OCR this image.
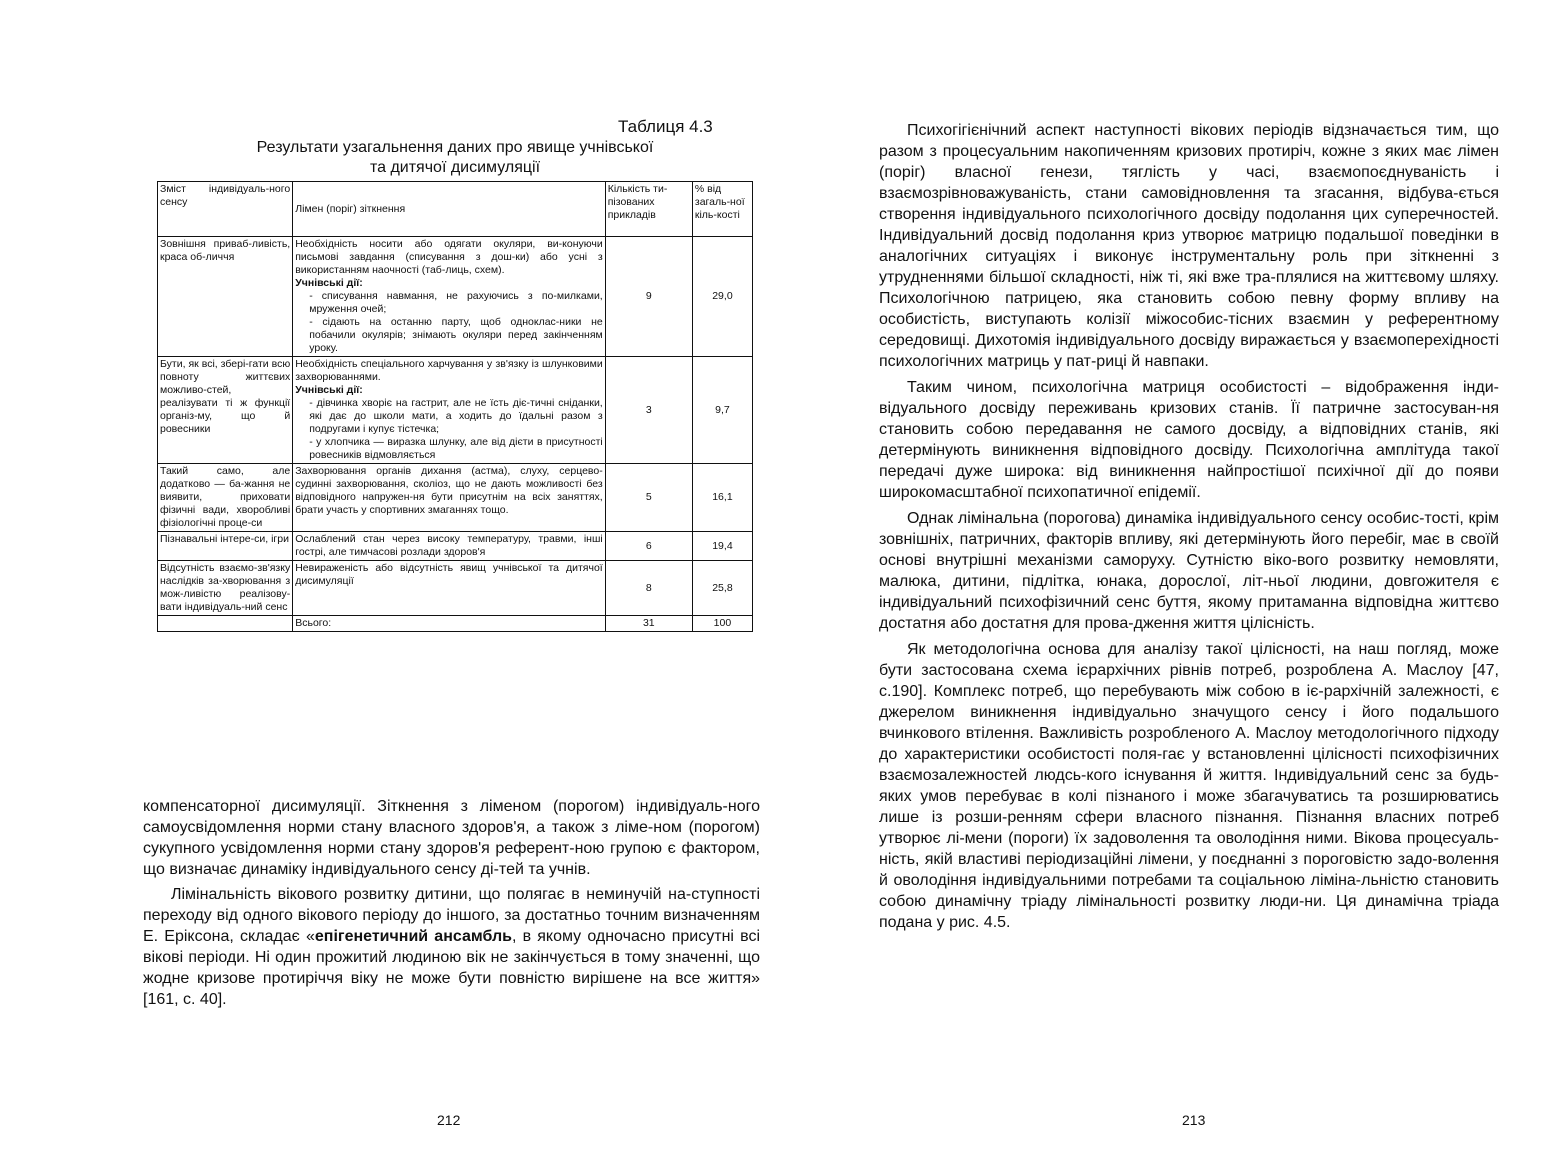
Таблиця 4.3
Результати узагальнення даних про явище учнівської
та дитячої дисимуляції
Зміст індивідуаль-ного сенсу	Лімен (поріг) зіткнення	Кількість ти-пізованих прикладів	% від загаль-ної кіль-кості
Зовнішня приваб-ливість, краса об-личчя	Необхідність носити або одягати окуляри, ви-конуючи письмові завдання (списування з дош-ки) або усні з використанням наочності (таб-лиць, схем).
Учнівські дії:
- списування навмання, не рахуючись з по-милками, мруження очей;
- сідають на останню парту, щоб одноклас-ники не побачили окулярів; знімають окуляри перед закінченням уроку.	9	29,0
Бути, як всі, збері-гати всю повноту життєвих можливо-стей, реалізувати ті ж функції організ-му, що й ровесники	Необхідність спеціального харчування у зв'язку із шлунковими захворюваннями.
Учнівські дії:
- дівчинка хворіє на гастрит, але не їсть діє-тичні сніданки, які дає до школи мати, а ходить до їдальні разом з подругами і купує тістечка;
- у хлопчика — виразка шлунку, але від дієти в присутності ровесників відмовляється	3	9,7
Такий само, але додатково — ба-жання не виявити, приховати фізичні вади, хворобливі фізіологічні проце-си	Захворювання органів дихання (астма), слуху, серцево-судинні захворювання, сколіоз, що не дають можливості без відповідного напружен-ня бути присутнім на всіх заняттях, брати участь у спортивних змаганнях тощо.	5	16,1
Пізнавальні інтере-си, ігри	Ослаблений стан через високу температуру, травми, інші гострі, але тимчасові розлади здоров'я	6	19,4
Відсутність взаємо-зв'язку наслідків за-хворювання з мож-ливістю реалізову-вати індивідуаль-ний сенс	Невираженість або відсутність явищ учнівської та дитячої дисимуляції	8	25,8
	Всього:	31	100

компенсаторної дисимуляції. Зіткнення з ліменом (порогом) індивідуаль-ного самоусвідомлення норми стану власного здоров'я, а також з ліме-ном (порогом) сукупного усвідомлення норми стану здоров'я референт-ною групою є фактором, що визначає динаміку індивідуального сенсу ді-тей та учнів.

Лімінальність вікового розвитку дитини, що полягає в неминучій на-ступності переходу від одного вікового періоду до іншого, за достатньо точним визначенням Е. Еріксона, складає «епігенетичний ансамбль, в якому одночасно присутні всі вікові періоди. Ні один прожитий людиною вік не закінчується в тому значенні, що жодне кризове протиріччя віку не може бути повністю вирішене на все життя» [161, с. 40].

212

Психогігієнічний аспект наступності вікових періодів відзначається тим, що разом з процесуальним накопиченням кризових протиріч, кожне з яких має лімен (поріг) власної генези, тяглість у часі, взаємопоєднуваність і взаємозрівноважуваність, стани самовідновлення та згасання, відбува-ється створення індивідуального психологічного досвіду подолання цих суперечностей. Індивідуальний досвід подолання криз утворює матрицю подальшої поведінки в аналогічних ситуаціях і виконує інструментальну роль при зіткненні з утрудненнями більшої складності, ніж ті, які вже тра-плялися на життєвому шляху. Психологічною патрицею, яка становить собою певну форму впливу на особистість, виступають колізії міжособис-тісних взаємин у референтному середовищі. Дихотомія індивідуального досвіду виражається у взаємоперехідності психологічних матриць у пат-риці й навпаки.

Таким чином, психологічна матриця особистості – відображення інди-відуального досвіду переживань кризових станів. Її патричне застосуван-ня становить собою передавання не самого досвіду, а відповідних станів, які детермінують виникнення відповідного досвіду. Психологічна амплітуда такої передачі дуже широка: від виникнення найпростішої психічної дії до появи широкомасштабної психопатичної епідемії.

Однак лімінальна (порогова) динаміка індивідуального сенсу особис-тості, крім зовнішніх, патричних, факторів впливу, які детермінують його перебіг, має в своїй основі внутрішні механізми саморуху. Сутністю віко-вого розвитку немовляти, малюка, дитини, підлітка, юнака, дорослої, літ-ньої людини, довгожителя є індивідуальний психофізичний сенс буття, якому притаманна відповідна життєво достатня або достатня для прова-дження життя цілісність.

Як методологічна основа для аналізу такої цілісності, на наш погляд, може бути застосована схема ієрархічних рівнів потреб, розроблена А. Маслоу [47, с.190]. Комплекс потреб, що перебувають між собою в іє-рархічній залежності, є джерелом виникнення індивідуально значущого сенсу і його подальшого вчинкового втілення. Важливість розробленого А. Маслоу методологічного підходу до характеристики особистості поля-гає у встановленні цілісності психофізичних взаємозалежностей людсь-кого існування й життя. Індивідуальний сенс за будь-яких умов перебуває в колі пізнаного і може збагачуватись та розширюватись лише із розши-ренням сфери власного пізнання. Пізнання власних потреб утворює лі-мени (пороги) їх задоволення та оволодіння ними. Вікова процесуаль-ність, якій властиві періодизаційні лімени, у поєднанні з пороговістю задо-волення й оволодіння індивідуальними потребами та соціальною лiміна-льністю становить собою динамічну тріаду лімінальності розвитку люди-ни. Ця динамічна тріада подана у рис. 4.5.

213
